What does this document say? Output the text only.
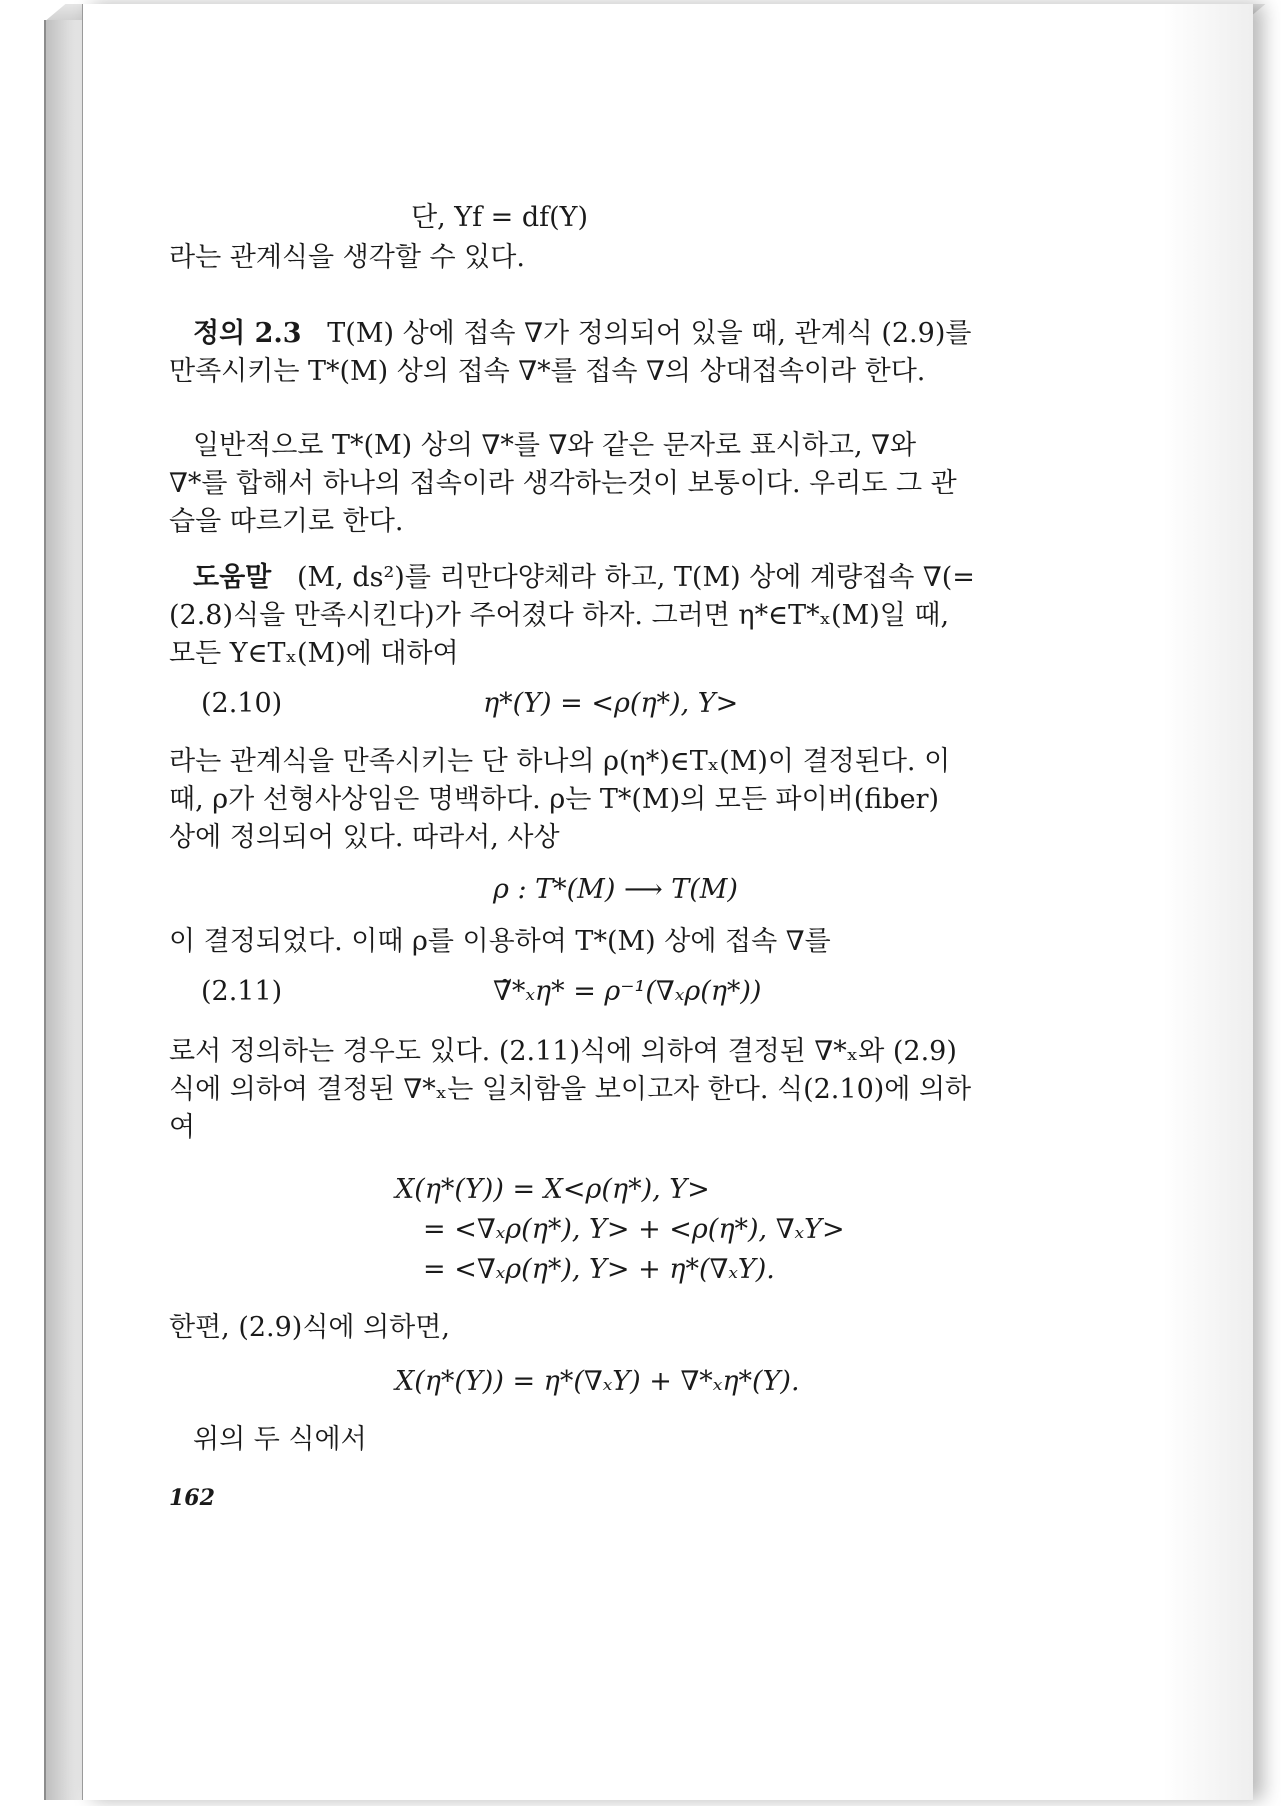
단, Yf = df(Y)
라는 관계식을 생각할 수 있다.
정의 2.3 T(M) 상에 접속 ∇가 정의되어 있을 때, 관계식 (2.9)를
만족시키는 T*(M) 상의 접속 ∇*를 접속 ∇의 상대접속이라 한다.
일반적으로 T*(M) 상의 ∇*를 ∇와 같은 문자로 표시하고, ∇와
∇*를 합해서 하나의 접속이라 생각하는것이 보통이다. 우리도 그 관
습을 따르기로 한다.
도움말 (M, ds²)를 리만다양체라 하고, T(M) 상에 계량접속 ∇(=
(2.8)식을 만족시킨다)가 주어졌다 하자. 그러면 η*∈T*ₓ(M)일 때,
모든 Y∈Tₓ(M)에 대하여
(2.10)	η*(Y) = <ρ(η*), Y>
라는 관계식을 만족시키는 단 하나의 ρ(η*)∈Tₓ(M)이 결정된다. 이
때, ρ가 선형사상임은 명백하다. ρ는 T*(M)의 모든 파이버(fiber)
상에 정의되어 있다. 따라서, 사상
ρ : T*(M) ⟶ T(M)
이 결정되었다. 이때 ρ를 이용하여 T*(M) 상에 접속 ∇를
(2.11)	∇̃*ₓη* = ρ⁻¹(∇ₓρ(η*))
로서 정의하는 경우도 있다. (2.11)식에 의하여 결정된 ∇*ₓ와 (2.9)
식에 의하여 결정된 ∇*ₓ는 일치함을 보이고자 한다. 식(2.10)에 의하
여
X(η*(Y)) = X<ρ(η*), Y>
= <∇ₓρ(η*), Y> + <ρ(η*), ∇ₓY>
= <∇ₓρ(η*), Y> + η*(∇ₓY).
한편, (2.9)식에 의하면,
X(η*(Y)) = η*(∇ₓY) + ∇*ₓη*(Y).
위의 두 식에서
162
